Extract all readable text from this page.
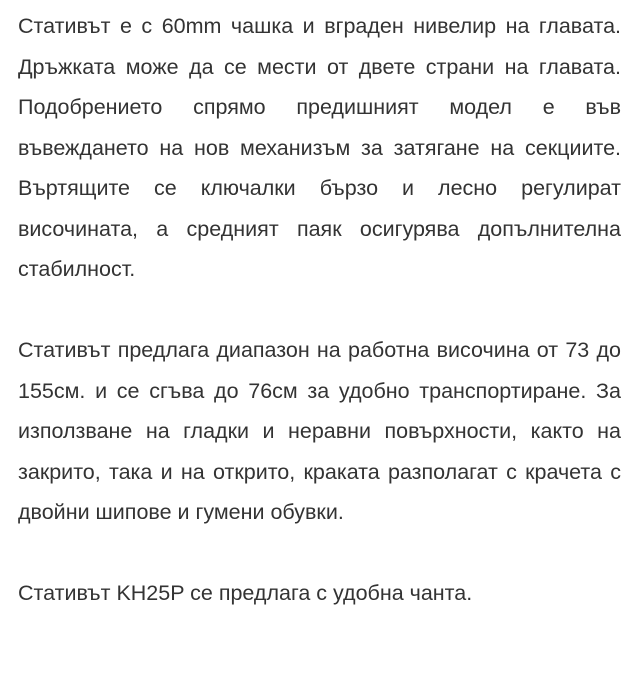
Стативът е с 60mm чашка и вграден нивелир на главата. Дръжката може да се мести от двете страни на главата. Подобрението спрямо предишният модел е във въвеждането на нов механизъм за затягане на секциите. Въртящите се ключалки бързо и лесно регулират височината, а средният паяк осигурява допълнителна стабилност.

Стативът предлага диапазон на работна височина от 73 до 155см. и се сгъва до 76см за удобно транспортиране. За използване на гладки и неравни повърхности, както на закрито, така и на открито, краката разполагат с крачета с двойни шипове и гумени обувки.

Стативът KH25P се предлага с удобна чанта.
